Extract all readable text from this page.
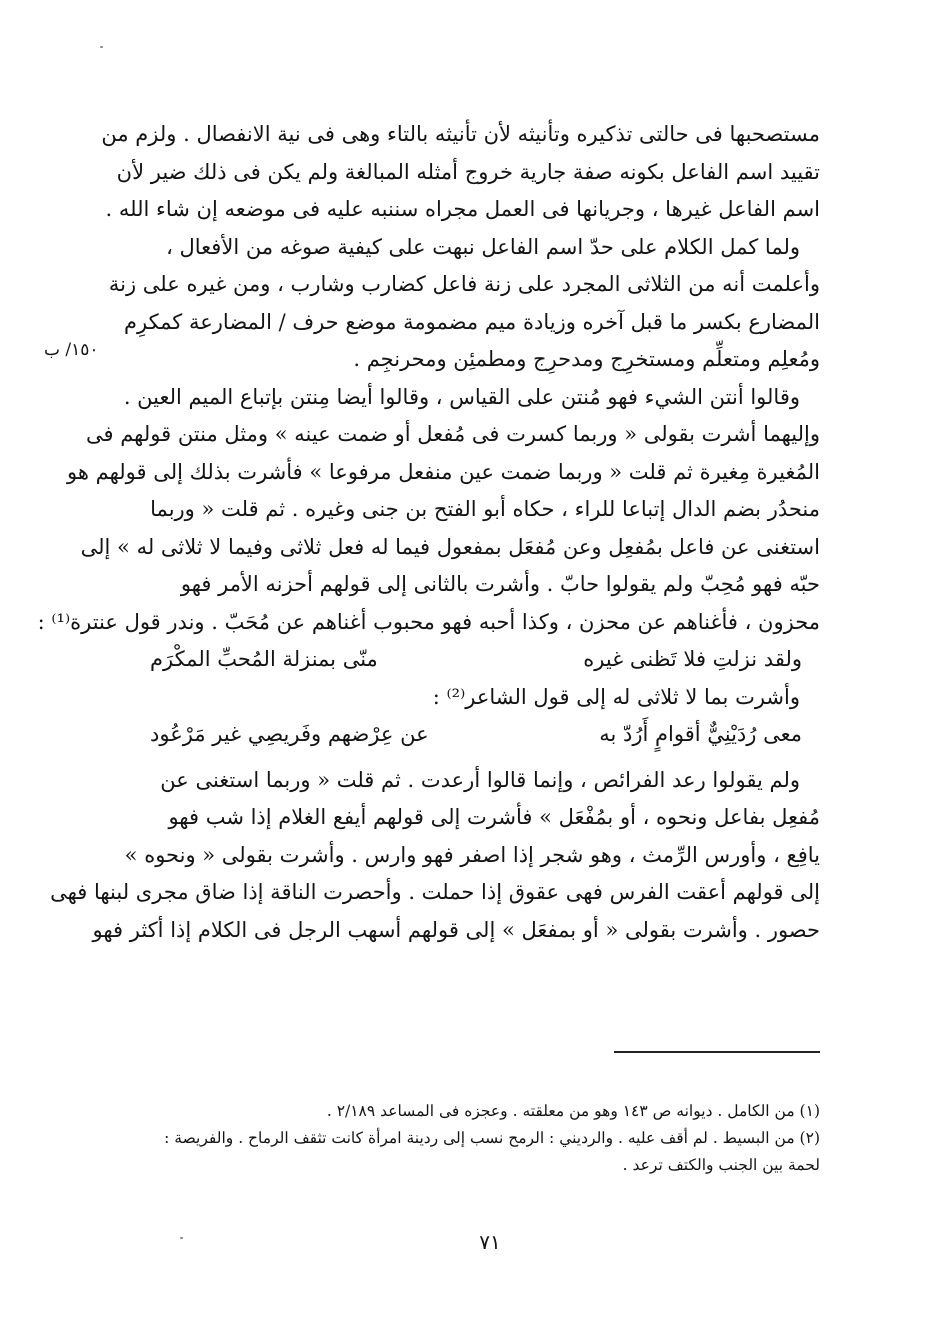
١٥٠/ ب
مستصحبها فى حالتى تذكيره وتأنيثه لأن تأنيثه بالتاء وهى فى نية الانفصال . ولزم من
تقييد اسم الفاعل بكونه صفة جارية خروج أمثله المبالغة ولم يكن فى ذلك ضير لأن
اسم الفاعل غيرها ، وجريانها فى العمل مجراه سننبه عليه فى موضعه إن شاء الله .
ولما كمل الكلام على حدّ اسم الفاعل نبهت على كيفية صوغه من الأفعال ،
وأعلمت أنه من الثلاثى المجرد على زنة فاعل كضارب وشارب ، ومن غيره على زنة
المضارع بكسر ما قبل آخره وزيادة ميم مضمومة موضع حرف / المضارعة كمكرِم
ومُعلِم ومتعلِّم ومستخرِج ومدحرِج ومطمئِن ومحرنجِم .
وقالوا أنتن الشيء فهو مُنتن على القياس ، وقالوا أيضا مِنتن بإتباع الميم العين .
وإليهما أشرت بقولى « وربما كسرت فى مُفعل أو ضمت عينه » ومثل منتن قولهم فى
المُغيرة مِغيرة ثم قلت « وربما ضمت عين منفعل مرفوعا » فأشرت بذلك إلى قولهم هو
منحدُر بضم الدال إتباعا للراء ، حكاه أبو الفتح بن جنى وغيره . ثم قلت « وربما
استغنى عن فاعل بمُفعِل وعن مُفعَل بمفعول فيما له فعل ثلاثى وفيما لا ثلاثى له » إلى
حبّه فهو مُحِبّ ولم يقولوا حابّ . وأشرت بالثانى إلى قولهم أحزنه الأمر فهو
محزون ، فأغناهم عن محزن ، وكذا أحبه فهو محبوب أغناهم عن مُحَبّ . وندر قول عنترة⁽¹⁾ :
ولقد نزلتِ فلا تَظنى غيره
منّى بمنزلة المُحبِّ المكْرَم
وأشرت بما لا ثلاثى له إلى قول الشاعر⁽²⁾ :
معى رُدَيْنِيٌّ أقوامٍ أَرُدّ به
عن عِرْضهم وفَريصِي غير مَرْعُود
ولم يقولوا رعد الفرائص ، وإنما قالوا أرعدت . ثم قلت « وربما استغنى عن
مُفعِل بفاعل ونحوه ، أو بمُفْعَل » فأشرت إلى قولهم أيفع الغلام إذا شب فهو
يافِع ، وأورس الرِّمث ، وهو شجر إذا اصفر فهو وارس . وأشرت بقولى « ونحوه »
إلى قولهم أعقت الفرس فهى عقوق إذا حملت . وأحصرت الناقة إذا ضاق مجرى لبنها فهى
حصور . وأشرت بقولى « أو بمفعَل » إلى قولهم أسهب الرجل فى الكلام إذا أكثر فهو
(١) من الكامل . ديوانه ص ١٤٣ وهو من معلقته . وعجزه فى المساعد ٢/١٨٩ .
(٢) من البسيط . لم أقف عليه . والرديني : الرمح نسب إلى ردينة امرأة كانت تثقف الرماح . والفريصة :
لحمة بين الجنب والكتف ترعد .
٧١
